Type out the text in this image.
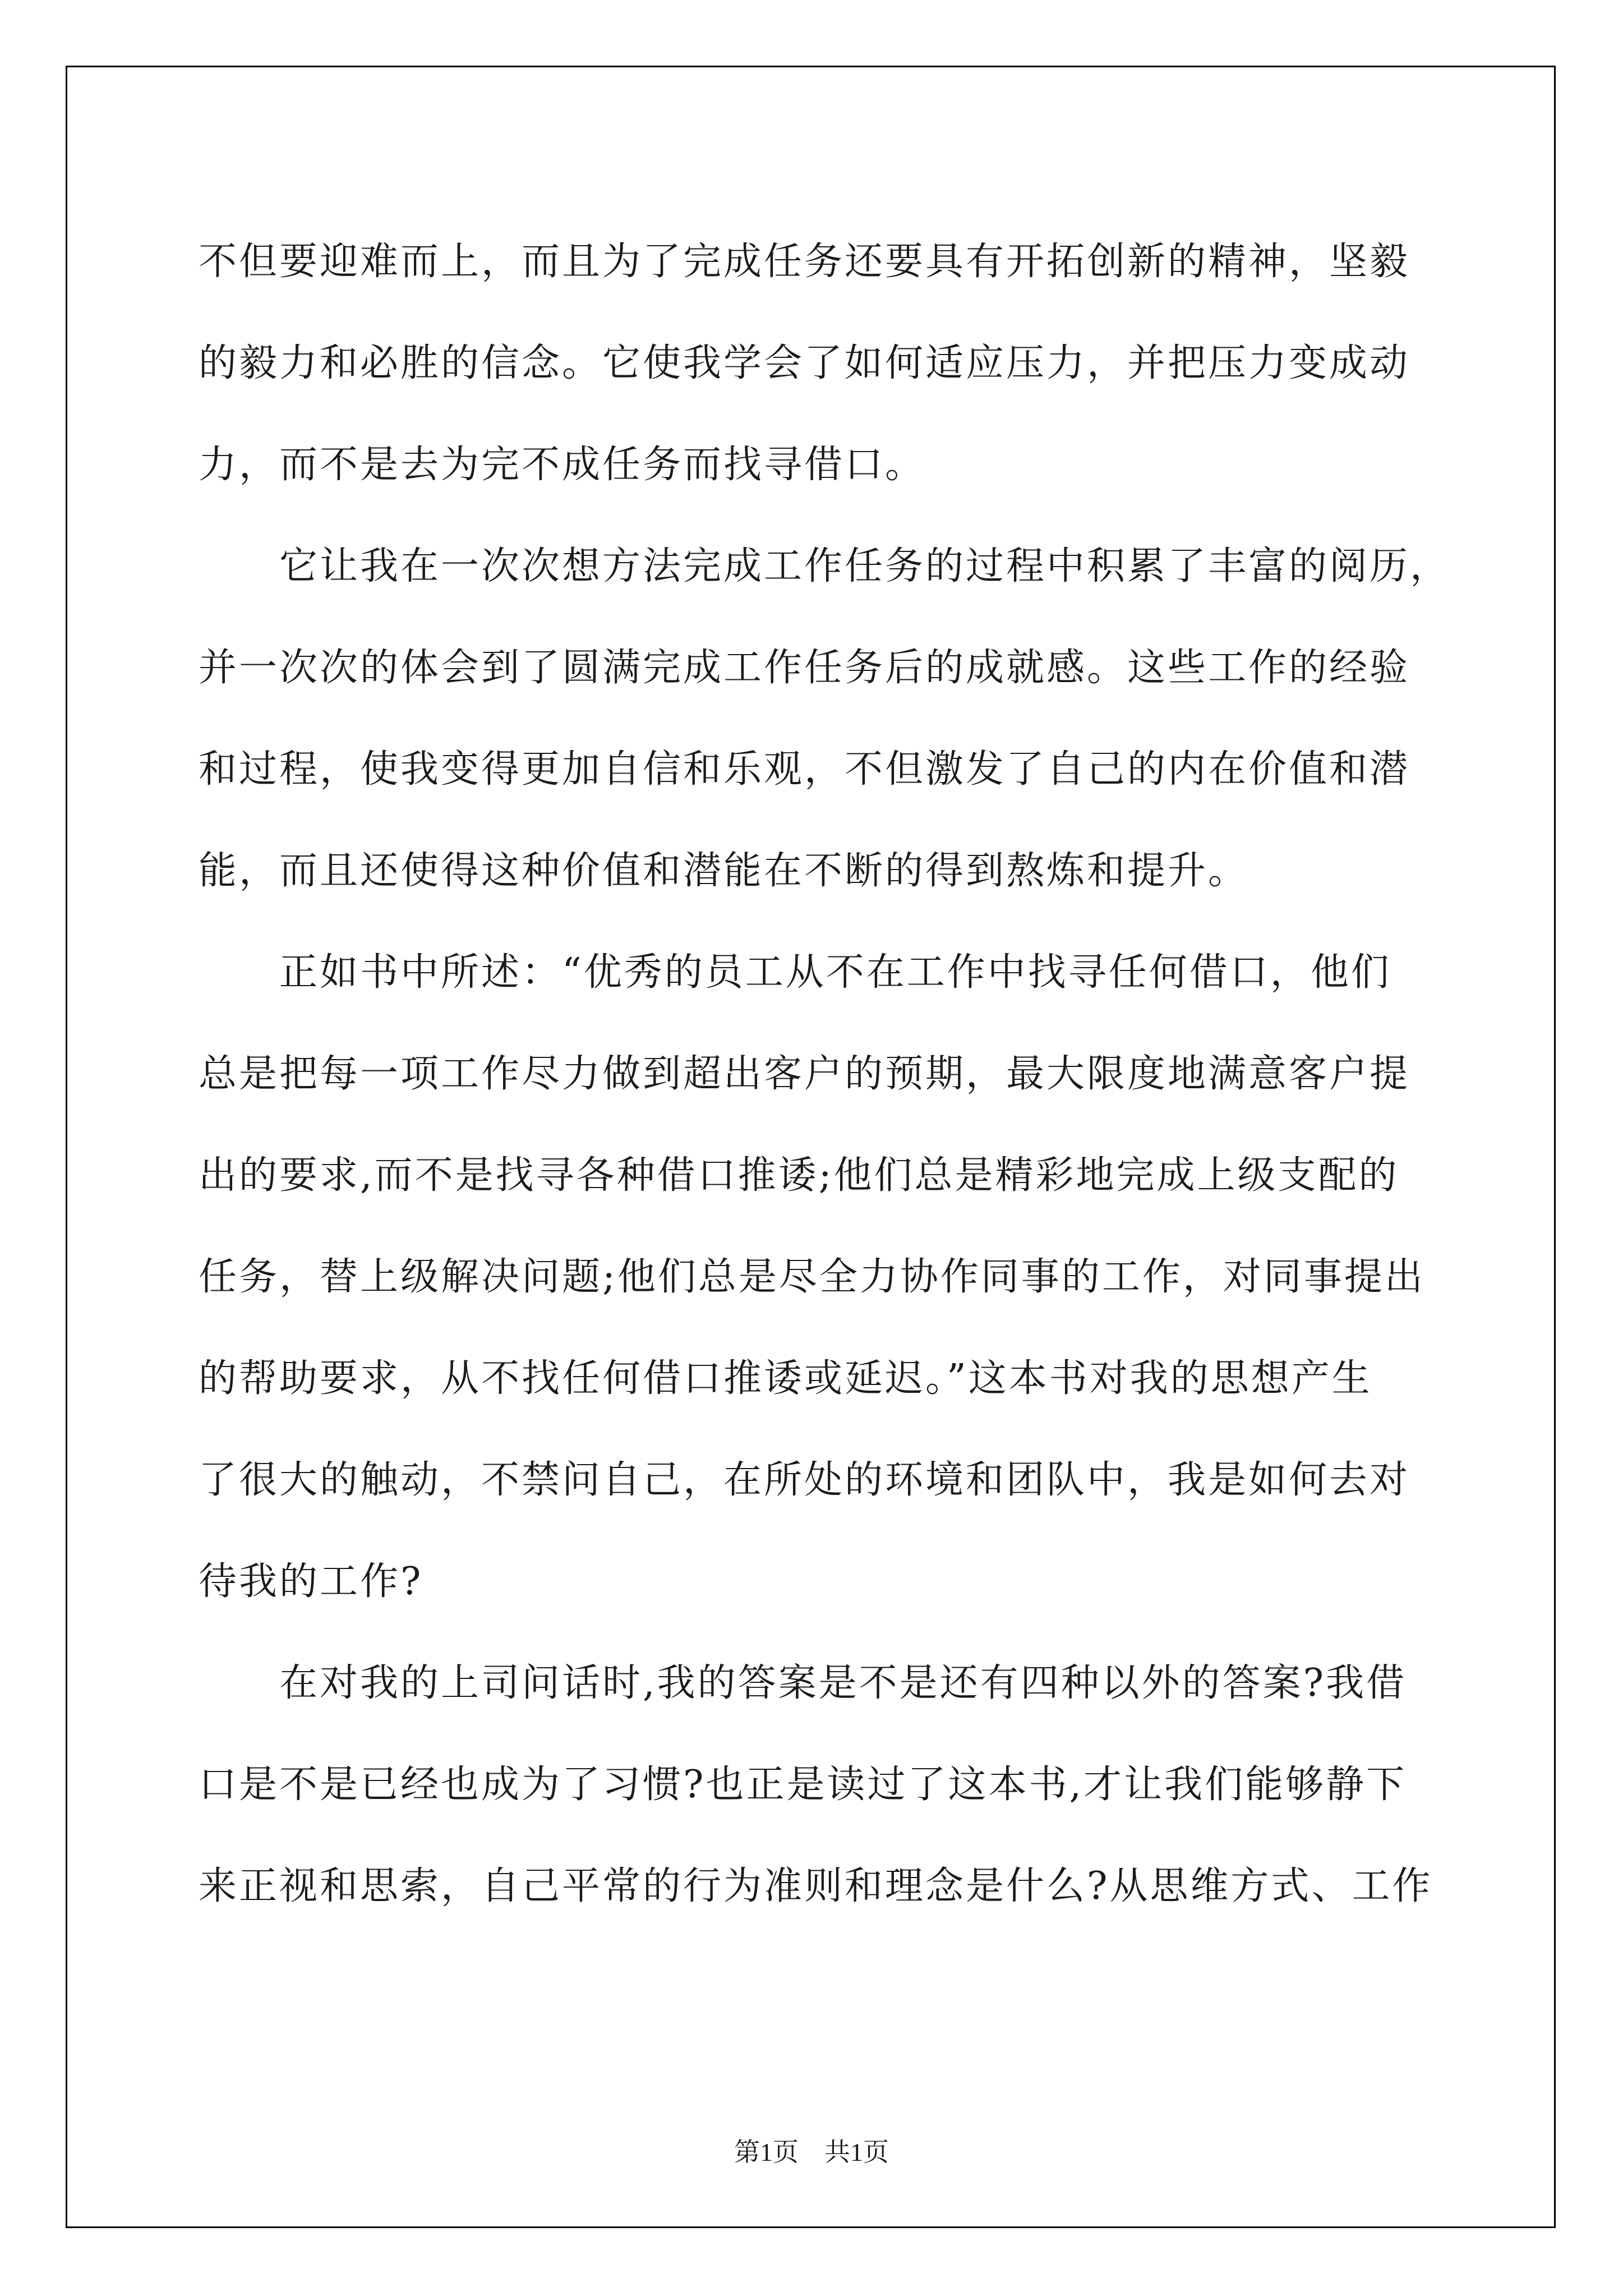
不但要迎难而上，而且为了完成任务还要具有开拓创新的精神，坚毅
的毅力和必胜的信念。它使我学会了如何适应压力，并把压力变成动
力，而不是去为完不成任务而找寻借口。
　　它让我在一次次想方法完成工作任务的过程中积累了丰富的阅历，
并一次次的体会到了圆满完成工作任务后的成就感。这些工作的经验
和过程，使我变得更加自信和乐观，不但激发了自己的内在价值和潜
能，而且还使得这种价值和潜能在不断的得到熬炼和提升。
　　正如书中所述：“优秀的员工从不在工作中找寻任何借口，他们
总是把每一项工作尽力做到超出客户的预期，最大限度地满意客户提
出的要求,而不是找寻各种借口推诿;他们总是精彩地完成上级支配的
任务，替上级解决问题;他们总是尽全力协作同事的工作，对同事提出
的帮助要求，从不找任何借口推诿或延迟。”这本书对我的思想产生
了很大的触动，不禁问自己，在所处的环境和团队中，我是如何去对
待我的工作?
　　在对我的上司问话时,我的答案是不是还有四种以外的答案?我借
口是不是已经也成为了习惯?也正是读过了这本书,才让我们能够静下
来正视和思索，自己平常的行为准则和理念是什么?从思维方式、工作
第1页　共1页
